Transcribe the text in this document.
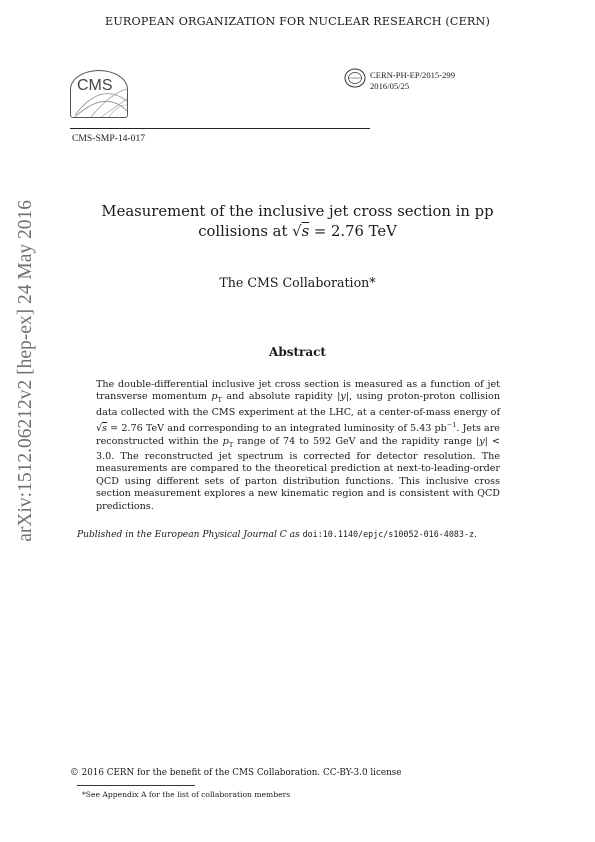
EUROPEAN ORGANIZATION FOR NUCLEAR RESEARCH (CERN)
CMS
CMS-SMP-14-017
CERN-PH-EP/2015-299
2016/05/25
Measurement of the inclusive jet cross section in pp
collisions at √s = 2.76 TeV
The CMS Collaboration*
Abstract
The double-differential inclusive jet cross section is measured as a function of jet transverse momentum $p_T$ and absolute rapidity |y|, using proton-proton collision data collected with the CMS experiment at the LHC, at a center-of-mass energy of √s = 2.76 TeV and corresponding to an integrated luminosity of 5.43 $pb^{-1}$. Jets are reconstructed within the $p_T$ range of 74 to 592 GeV and the rapidity range |y| < 3.0. The reconstructed jet spectrum is corrected for detector resolution. The measurements are compared to the theoretical prediction at next-to-leading-order QCD using different sets of parton distribution functions. This inclusive cross section measurement explores a new kinematic region and is consistent with QCD predictions.
Published in the European Physical Journal C as doi:10.1140/epjc/s10052-016-4083-z.
arXiv:1512.06212v2 [hep-ex] 24 May 2016
© 2016 CERN for the benefit of the CMS Collaboration. CC-BY-3.0 license
*See Appendix A for the list of collaboration members
